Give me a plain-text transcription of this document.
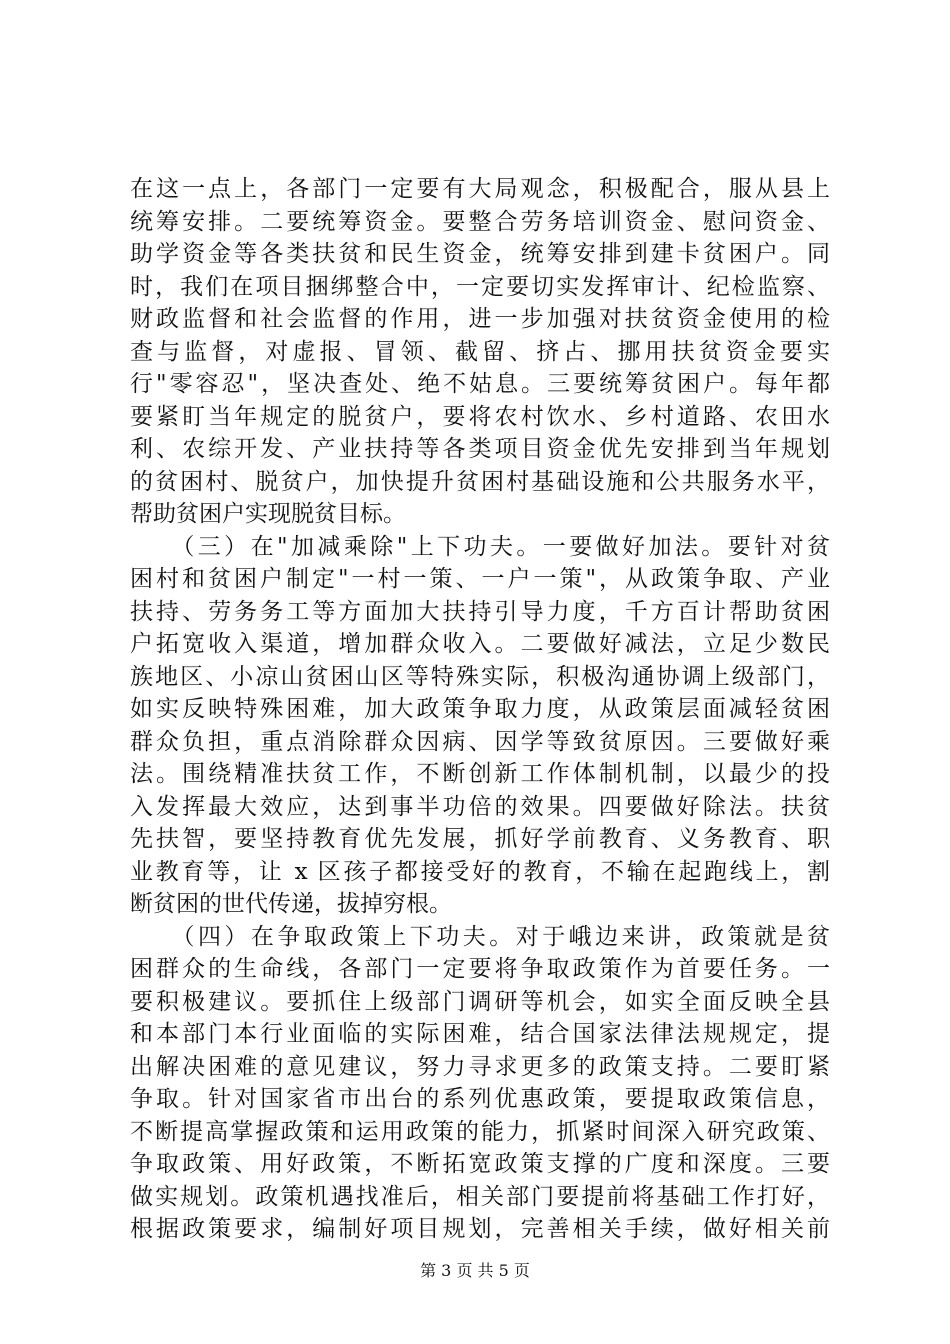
在这一点上，各部门一定要有大局观念，积极配合，服从县上
统筹安排。二要统筹资金。要整合劳务培训资金、慰问资金、
助学资金等各类扶贫和民生资金，统筹安排到建卡贫困户。同
时，我们在项目捆绑整合中，一定要切实发挥审计、纪检监察、
财政监督和社会监督的作用，进一步加强对扶贫资金使用的检
查与监督，对虚报、冒领、截留、挤占、挪用扶贫资金要实
行"零容忍"，坚决查处、绝不姑息。三要统筹贫困户。每年都
要紧盯当年规定的脱贫户，要将农村饮水、乡村道路、农田水
利、农综开发、产业扶持等各类项目资金优先安排到当年规划
的贫困村、脱贫户，加快提升贫困村基础设施和公共服务水平，
帮助贫困户实现脱贫目标。
　　（三）在"加减乘除"上下功夫。一要做好加法。要针对贫
困村和贫困户制定"一村一策、一户一策"，从政策争取、产业
扶持、劳务务工等方面加大扶持引导力度，千方百计帮助贫困
户拓宽收入渠道，增加群众收入。二要做好减法，立足少数民
族地区、小凉山贫困山区等特殊实际，积极沟通协调上级部门，
如实反映特殊困难，加大政策争取力度，从政策层面减轻贫困
群众负担，重点消除群众因病、因学等致贫原因。三要做好乘
法。围绕精准扶贫工作，不断创新工作体制机制，以最少的投
入发挥最大效应，达到事半功倍的效果。四要做好除法。扶贫
先扶智，要坚持教育优先发展，抓好学前教育、义务教育、职
业教育等，让 x 区孩子都接受好的教育，不输在起跑线上，割
断贫困的世代传递，拔掉穷根。
　　（四）在争取政策上下功夫。对于峨边来讲，政策就是贫
困群众的生命线，各部门一定要将争取政策作为首要任务。一
要积极建议。要抓住上级部门调研等机会，如实全面反映全县
和本部门本行业面临的实际困难，结合国家法律法规规定，提
出解决困难的意见建议，努力寻求更多的政策支持。二要盯紧
争取。针对国家省市出台的系列优惠政策，要提取政策信息，
不断提高掌握政策和运用政策的能力，抓紧时间深入研究政策、
争取政策、用好政策，不断拓宽政策支撑的广度和深度。三要
做实规划。政策机遇找准后，相关部门要提前将基础工作打好，
根据政策要求，编制好项目规划，完善相关手续，做好相关前
第 3 页 共 5 页
